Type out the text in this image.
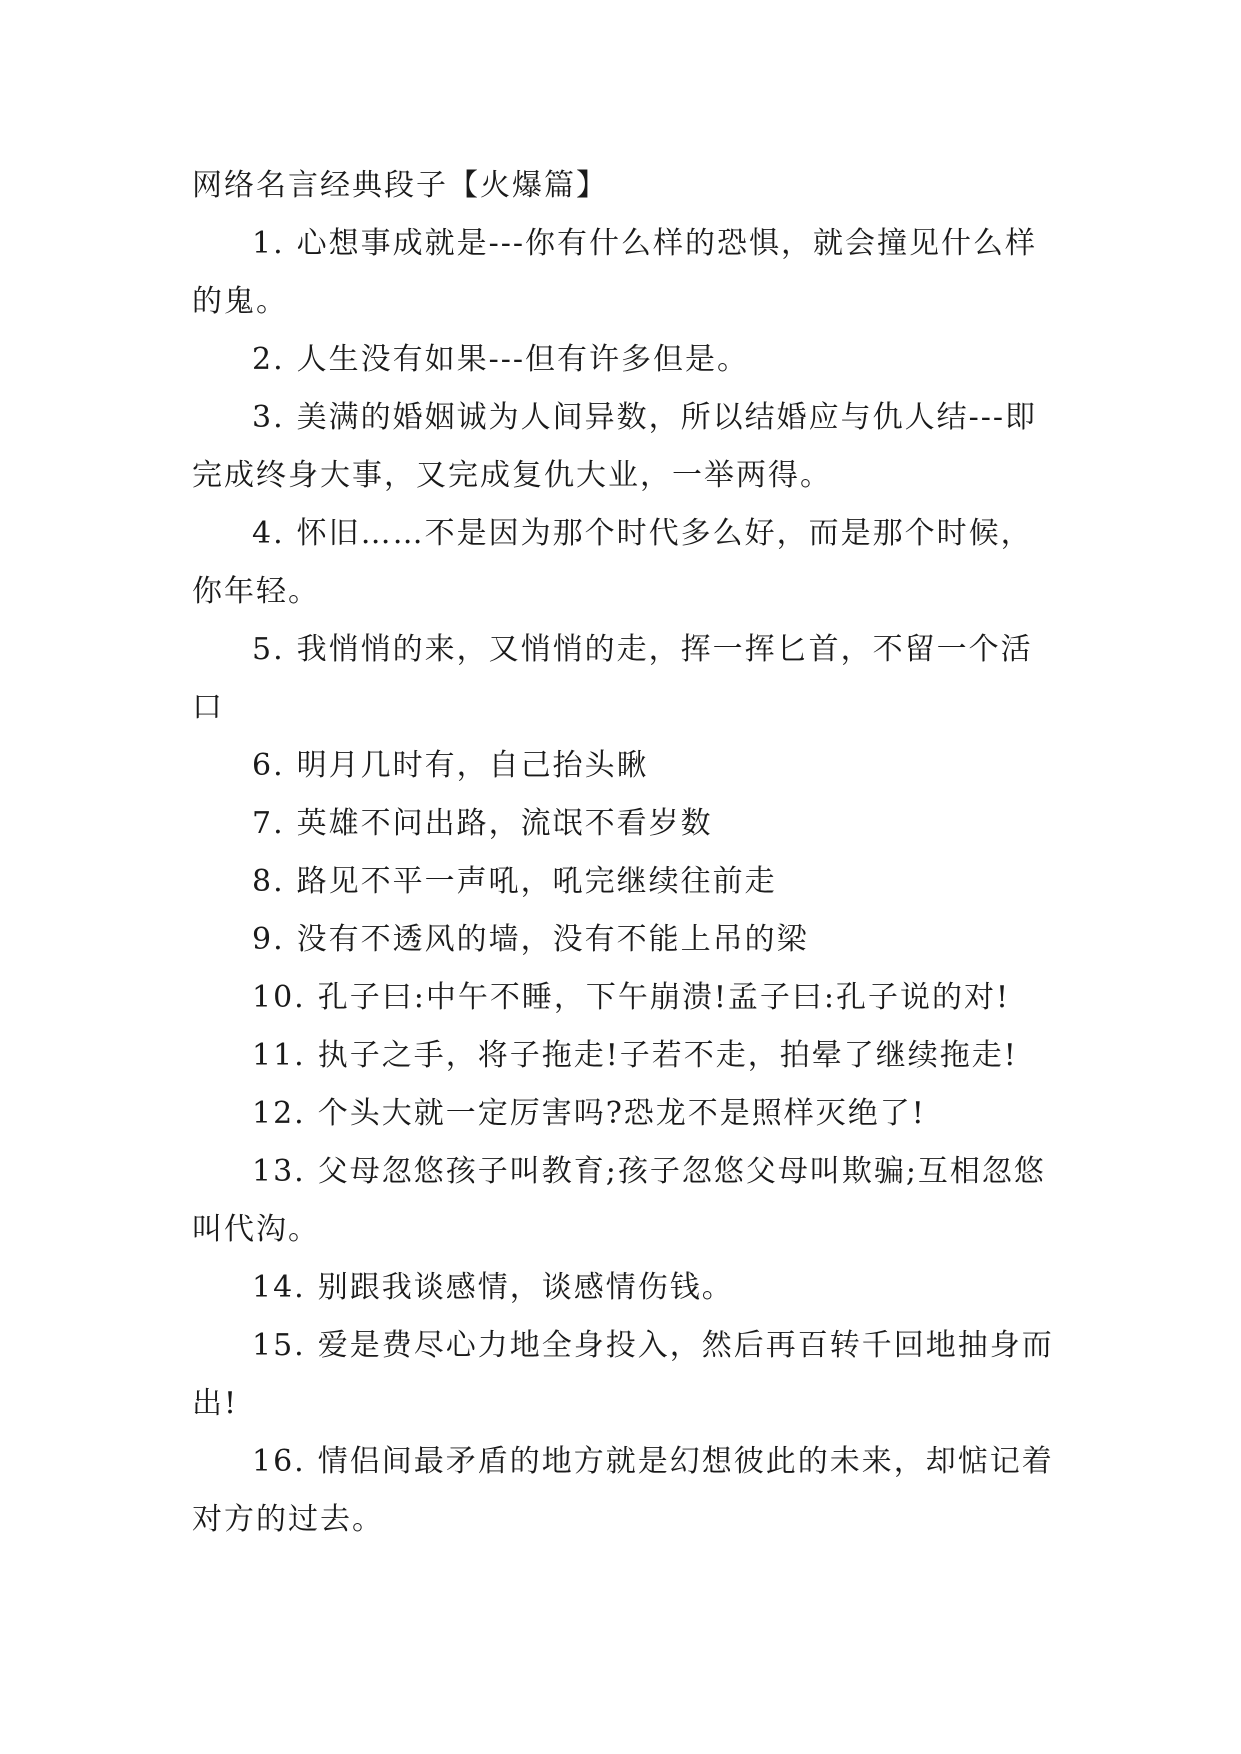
网络名言经典段子【火爆篇】

1. 心想事成就是---你有什么样的恐惧，就会撞见什么样的鬼。

2. 人生没有如果---但有许多但是。

3. 美满的婚姻诚为人间异数，所以结婚应与仇人结---即完成终身大事，又完成复仇大业，一举两得。

4. 怀旧……不是因为那个时代多么好，而是那个时候，你年轻。

5. 我悄悄的来，又悄悄的走，挥一挥匕首，不留一个活口

6. 明月几时有，自己抬头瞅

7. 英雄不问出路，流氓不看岁数

8. 路见不平一声吼，吼完继续往前走

9. 没有不透风的墙，没有不能上吊的梁

10. 孔子曰:中午不睡，下午崩溃!孟子曰:孔子说的对!

11. 执子之手，将子拖走!子若不走，拍晕了继续拖走!

12. 个头大就一定厉害吗?恐龙不是照样灭绝了!

13. 父母忽悠孩子叫教育;孩子忽悠父母叫欺骗;互相忽悠叫代沟。

14. 别跟我谈感情，谈感情伤钱。

15. 爱是费尽心力地全身投入，然后再百转千回地抽身而出!

16. 情侣间最矛盾的地方就是幻想彼此的未来，却惦记着对方的过去。
